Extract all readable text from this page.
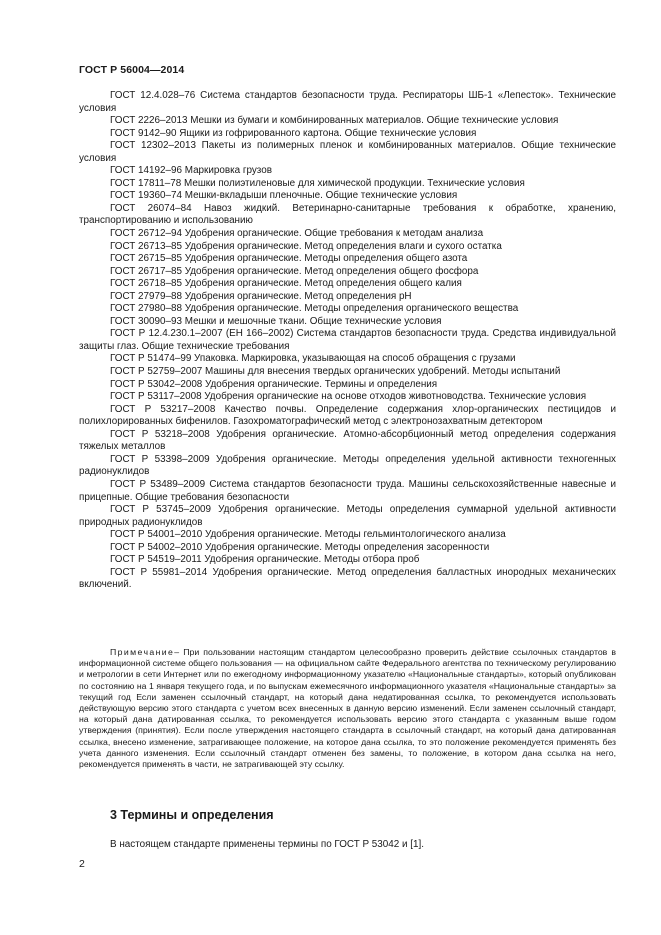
ГОСТ Р 56004—2014

ГОСТ 12.4.028–76 Система стандартов безопасности труда. Респираторы ШБ-1 «Лепесток». Технические условия

ГОСТ 2226–2013 Мешки из бумаги и комбинированных материалов. Общие технические условия

ГОСТ 9142–90 Ящики из гофрированного картона. Общие технические условия

ГОСТ 12302–2013 Пакеты из полимерных пленок и комбинированных материалов. Общие технические условия

ГОСТ 14192–96 Маркировка грузов

ГОСТ 17811–78 Мешки полиэтиленовые для химической продукции. Технические условия

ГОСТ 19360–74 Мешки-вкладыши пленочные. Общие технические условия

ГОСТ 26074–84 Навоз жидкий. Ветеринарно-санитарные требования к обработке, хранению, транспортированию и использованию

ГОСТ 26712–94 Удобрения органические. Общие требования к методам анализа

ГОСТ 26713–85 Удобрения органические. Метод определения влаги и сухого остатка

ГОСТ 26715–85 Удобрения органические. Методы определения общего азота

ГОСТ 26717–85 Удобрения органические. Метод определения общего фосфора

ГОСТ 26718–85 Удобрения органические. Метод определения общего калия

ГОСТ 27979–88 Удобрения органические. Метод определения pH

ГОСТ 27980–88 Удобрения органические. Методы определения органического вещества

ГОСТ 30090–93 Мешки и мешочные ткани. Общие технические условия

ГОСТ Р 12.4.230.1–2007 (ЕН 166–2002) Система стандартов безопасности труда. Средства индивидуальной защиты глаз. Общие технические требования

ГОСТ Р 51474–99 Упаковка. Маркировка, указывающая на способ обращения с грузами

ГОСТ Р 52759–2007 Машины для внесения твердых органических удобрений. Методы испытаний

ГОСТ Р 53042–2008 Удобрения органические. Термины и определения

ГОСТ Р 53117–2008 Удобрения органические на основе отходов животноводства. Технические условия

ГОСТ Р 53217–2008 Качество почвы. Определение содержания хлор-органических пестицидов и полихлорированных бифенилов. Газохроматографический метод с электронозахватным детектором

ГОСТ Р 53218–2008 Удобрения органические. Атомно-абсорбционный метод определения содержания тяжелых металлов

ГОСТ Р 53398–2009 Удобрения органические. Методы определения удельной активности техногенных радионуклидов

ГОСТ Р 53489–2009 Система стандартов безопасности труда. Машины сельскохозяйственные навесные и прицепные. Общие требования безопасности

ГОСТ Р 53745–2009 Удобрения органические. Методы определения суммарной удельной активности природных радионуклидов

ГОСТ Р 54001–2010 Удобрения органические. Методы гельминтологического анализа

ГОСТ Р 54002–2010 Удобрения органические. Методы определения засоренности

ГОСТ Р 54519–2011 Удобрения органические. Методы отбора проб

ГОСТ Р 55981–2014 Удобрения органические. Метод определения балластных инородных механических включений.

Примечание– При пользовании настоящим стандартом целесообразно проверить действие ссылочных стандартов в информационной системе общего пользования — на официальном сайте Федерального агентства по техническому регулированию и метрологии в сети Интернет или по ежегодному информационному указателю «Национальные стандарты», который опубликован по состоянию на 1 января текущего года, и по выпускам ежемесячного информационного указателя «Национальные стандарты» за текущий год Если заменен ссылочный стандарт, на который дана недатированная ссылка, то рекомендуется использовать действующую версию этого стандарта с учетом всех внесенных в данную версию изменений. Если заменен ссылочный стандарт, на который дана датированная ссылка, то рекомендуется использовать версию этого стандарта с указанным выше годом утверждения (принятия). Если после утверждения настоящего стандарта в ссылочный стандарт, на который дана датированная ссылка, внесено изменение, затрагивающее положение, на которое дана ссылка, то это положение рекомендуется применять без учета данного изменения. Если ссылочный стандарт отменен без замены, то положение, в котором дана ссылка на него, рекомендуется применять в части, не затрагивающей эту ссылку.

3 Термины и определения

В настоящем стандарте применены термины по ГОСТ Р 53042 и [1].

2
